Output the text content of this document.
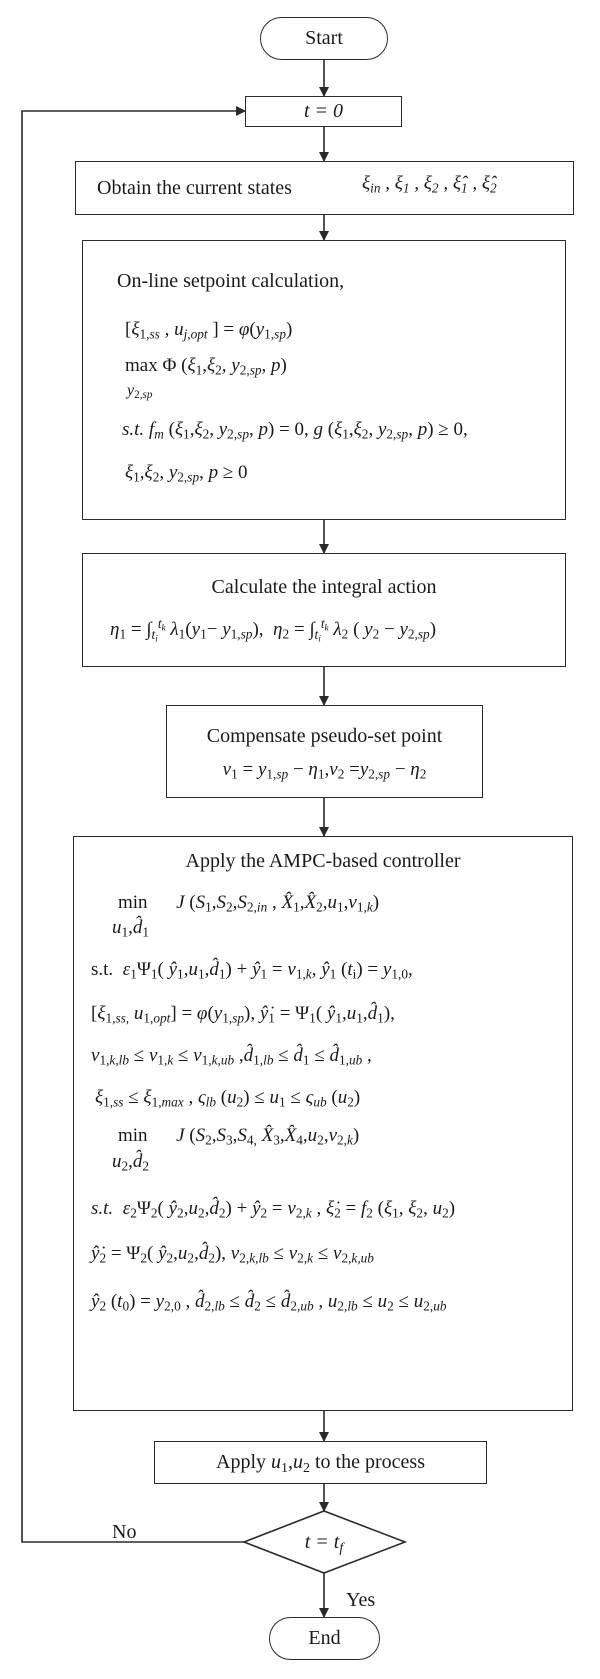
Start
t = 0
Obtain the current states	$\xi_{in}$ , $\xi_1$ , $\xi_2$ , $\xî_1$ , $\xî_2$
On-line setpoint calculation,
[$\xi_{1,ss}$ , $u_{j,opt}$ ] = $\varphi(y_{1,sp})$
max Φ ($\xi_1,\xi_2$, $y_{2,sp}$, p)
$y_{2,sp}$
s.t. $f_m$ ($\xi_1,\xi_2$, $y_{2,sp}$, p) = 0, g ($\xi_1,\xi_2$, $y_{2,sp}$, p) ≥ 0,
$\xi_1,\xi_2$, $y_{2,sp}$, p ≥ 0
Calculate the integral action
$\eta_1 = \int_{t_i}^{t_k}$ $\lambda_1(y_1- y_{1,sp})$,  $\eta_2 = \int_{t_i}^{t_k}$ $\lambda_2$ ( $y_2 - y_{2,sp}$)
Compensate pseudo-set point
$v_1 = y_{1,sp} - \eta_1,v_2 =y_{2,sp} - \eta_2$
Apply the AMPC-based controller
min      J ($S_1,S_2,S_{2,in}$ , $X̂_1,X̂_2,u_1,v_{1,k}$)
$u_1,d̂_1$
s.t.  $\varepsilon_1\Psi_1$( $ŷ_1,u_1,d̂_1$) + $ŷ_1 = v_{1,k}$, $ŷ_1$ $(t_i) = y_{1,0}$,
[$\xi_{1,ss,}$ $u_{1,opt}] = \varphi(y_{1,sp})$, $ŷ̇_1 = \Psi_1$( $ŷ_1,u_1,d̂_1$),
$v_{1,k,lb} \le v_{1,k} \le v_{1,k,ub}$ $,d̂_{1,lb}$ ≤ $d̂_1$ ≤ $d̂_{1,ub}$ ,
$\xi_{1,ss} \le \xi_{1,max}$ , $\varsigma_{lb}$ $(u_2) \le u_1 \le \varsigma_{ub}$ $(u_2)$
min      J ($S_2,S_3,S_{4,}$ $X̂_3,X̂_4,u_2,v_{2,k}$)
$u_2,d̂_2$
s.t. $\varepsilon_2\Psi_2$( $ŷ_2,u_2,d̂_2$) + $ŷ_2 = v_{2,k}$ , $\xi̇_2 = f_2$ ($\xi_1$, $\xi_2$, $u_2$)
$ŷ̇_2 = \Psi_2$( $ŷ_2,u_2,d̂_2$), $v_{2,k,lb} \le v_{2,k} \le v_{2,k,ub}$
$ŷ_2$ $(t_0) = y_{2,0}$ , $d̂_{2,lb}$ ≤ $d̂_2$ ≤ $d̂_{2,ub}$ , $u_{2,lb} \le u_2 \le u_{2,ub}$
Apply $u_1,u_2$ to the process
$t = t_f$
No
Yes
End
